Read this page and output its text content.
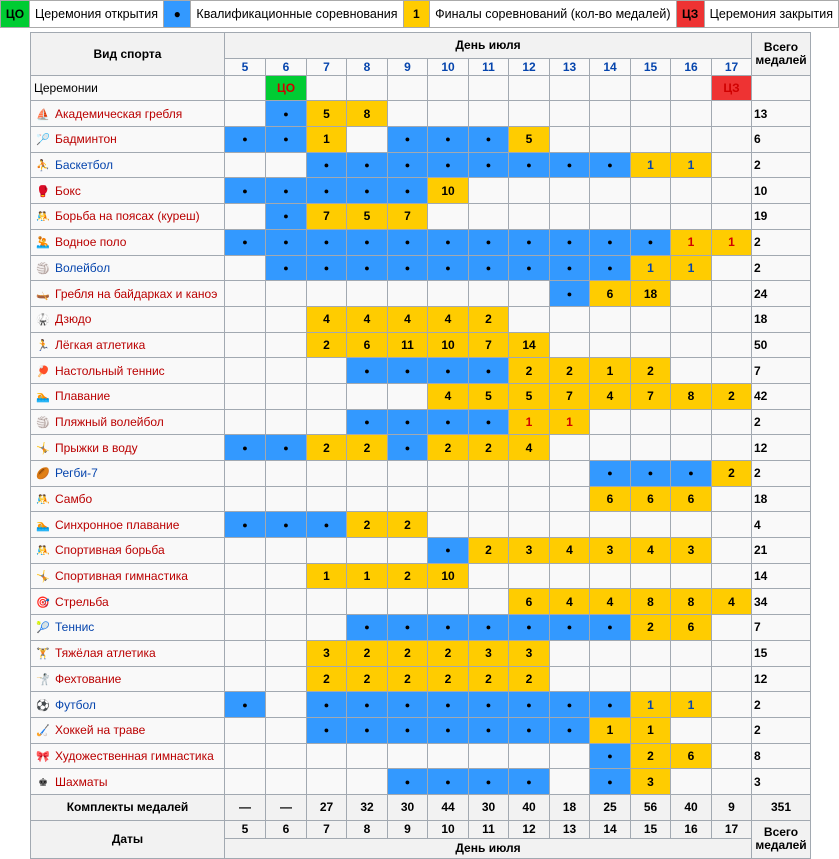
ЦО Церемония открытия	●	Квалификационные соревнования	1	Финалы соревнований (кол-во медалей) ЦЗ Церемония закрытия
Вид спорта	День июля													Всего медалей
	5	6	7	8	9	10	11	12	13	14	15	16	17	
Церемонии		ЦО											ЦЗ	
⛵ Академическая гребля		●	5	8										13
🏸 Бадминтон	●	●	1		●	●	●	5						6
⛹ Баскетбол			●	●	●	●	●	●	●	●	1	1		2
🥊 Бокс	●	●	●	●	●	10								10
🤼 Борьба на поясах (куреш)		●	7	5	7									19
🤽 Водное поло	●	●	●	●	●	●	●	●	●	●	●	1	1	2
🏐 Волейбол		●	●	●	●	●	●	●	●	●	1	1		2
🛶 Гребля на байдарках и каноэ									●	6	18			24
🥋 Дзюдо			4	4	4	4	2							18
🏃 Лёгкая атлетика			2	6	11	10	7	14						50
🏓 Настольный теннис				●	●	●	●	2	2	1	2			7
🏊 Плавание						4	5	5	7	4	7	8	2	42
🏐 Пляжный волейбол				●	●	●	●	1	1					2
🤸 Прыжки в воду	●	●	2	2	●	2	2	4						12
🏉 Регби-7										●	●	●	2	2
🤼 Самбо										6	6	6		18
🏊 Синхронное плавание	●	●	●	2	2									4
🤼 Спортивная борьба						●	2	3	4	3	4	3		21
🤸 Спортивная гимнастика			1	1	2	10								14
🎯 Стрельба								6	4	4	8	8	4	34
🎾 Теннис				●	●	●	●	●	●	●	2	6		7
🏋 Тяжёлая атлетика			3	2	2	2	3	3						15
🤺 Фехтование			2	2	2	2	2	2						12
⚽ Футбол	●		●	●	●	●	●	●	●	●	1	1		2
🏑 Хоккей на траве			●	●	●	●	●	●	●	1	1			2
🎀 Художественная гимнастика										●	2	6		8
♚ Шахматы					●	●	●	●		●	3			3
Комплекты медалей	—	—	27	32	30	44	30	40	18	25	56	40	9	351
Даты	5	6	7	8	9	10	11	12	13	14	15	16	17	Всего медалей
	День июля													
